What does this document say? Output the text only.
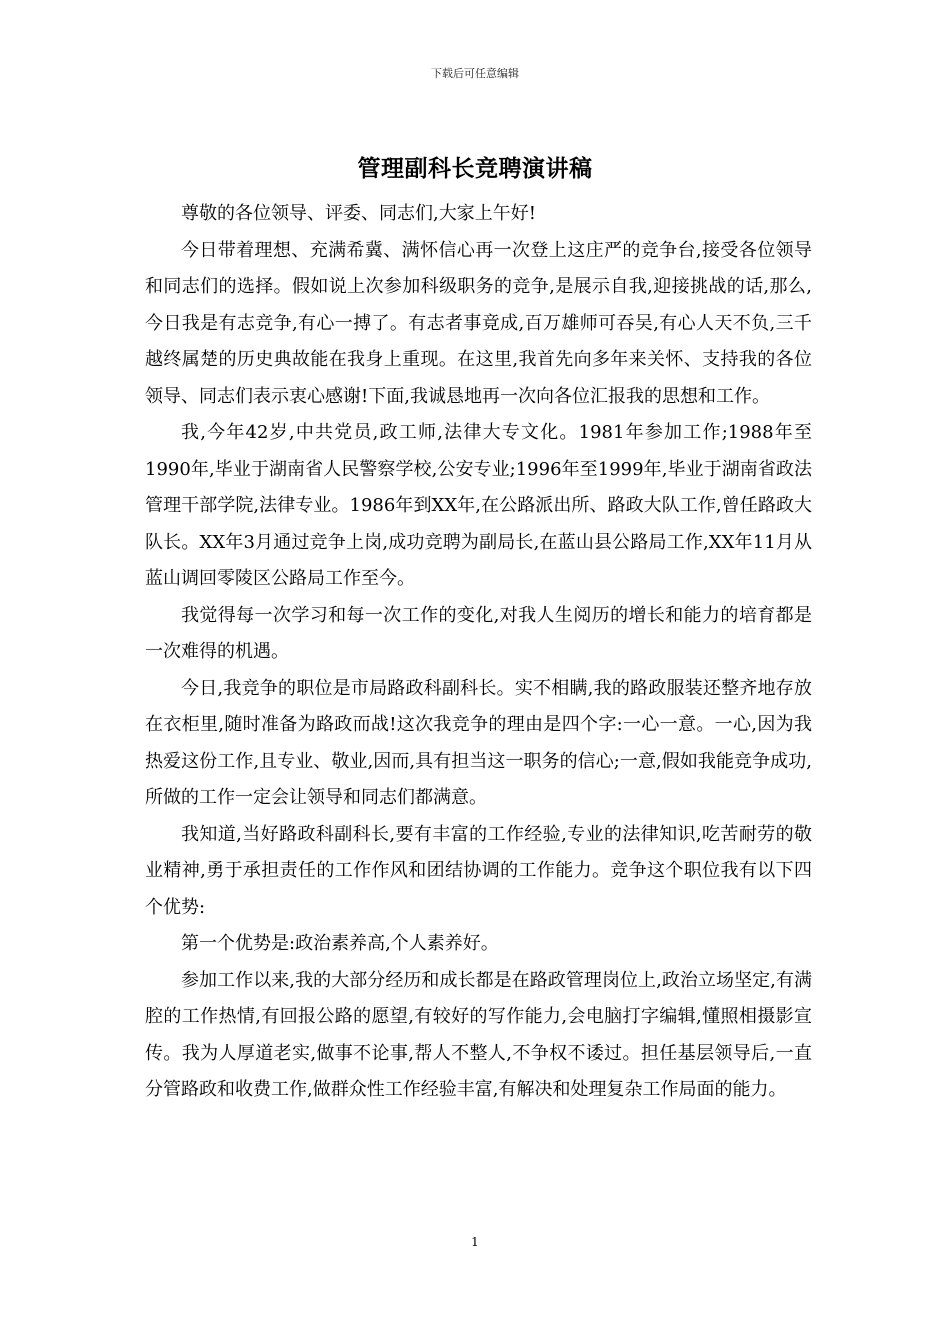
下载后可任意编辑
管理副科长竞聘演讲稿

尊敬的各位领导、评委、同志们,大家上午好!

今日带着理想、充满希冀、满怀信心再一次登上这庄严的竞争台,接受各位领导和同志们的选择。假如说上次参加科级职务的竞争,是展示自我,迎接挑战的话,那么,今日我是有志竞争,有心一搏了。有志者事竟成,百万雄师可吞吴,有心人天不负,三千越终属楚的历史典故能在我身上重现。在这里,我首先向多年来关怀、支持我的各位领导、同志们表示衷心感谢!下面,我诚恳地再一次向各位汇报我的思想和工作。

我,今年42岁,中共党员,政工师,法律大专文化。1981年参加工作;1988年至1990年,毕业于湖南省人民警察学校,公安专业;1996年至1999年,毕业于湖南省政法管理干部学院,法律专业。1986年到XX年,在公路派出所、路政大队工作,曾任路政大队长。XX年3月通过竞争上岗,成功竞聘为副局长,在蓝山县公路局工作,XX年11月从蓝山调回零陵区公路局工作至今。

我觉得每一次学习和每一次工作的变化,对我人生阅历的增长和能力的培育都是一次难得的机遇。

今日,我竞争的职位是市局路政科副科长。实不相瞒,我的路政服装还整齐地存放在衣柜里,随时准备为路政而战!这次我竞争的理由是四个字:一心一意。一心,因为我热爱这份工作,且专业、敬业,因而,具有担当这一职务的信心;一意,假如我能竞争成功,所做的工作一定会让领导和同志们都满意。

我知道,当好路政科副科长,要有丰富的工作经验,专业的法律知识,吃苦耐劳的敬业精神,勇于承担责任的工作作风和团结协调的工作能力。竞争这个职位我有以下四个优势:

第一个优势是:政治素养高,个人素养好。

参加工作以来,我的大部分经历和成长都是在路政管理岗位上,政治立场坚定,有满腔的工作热情,有回报公路的愿望,有较好的写作能力,会电脑打字编辑,懂照相摄影宣传。我为人厚道老实,做事不论事,帮人不整人,不争权不诿过。担任基层领导后,一直分管路政和收费工作,做群众性工作经验丰富,有解决和处理复杂工作局面的能力。

1
